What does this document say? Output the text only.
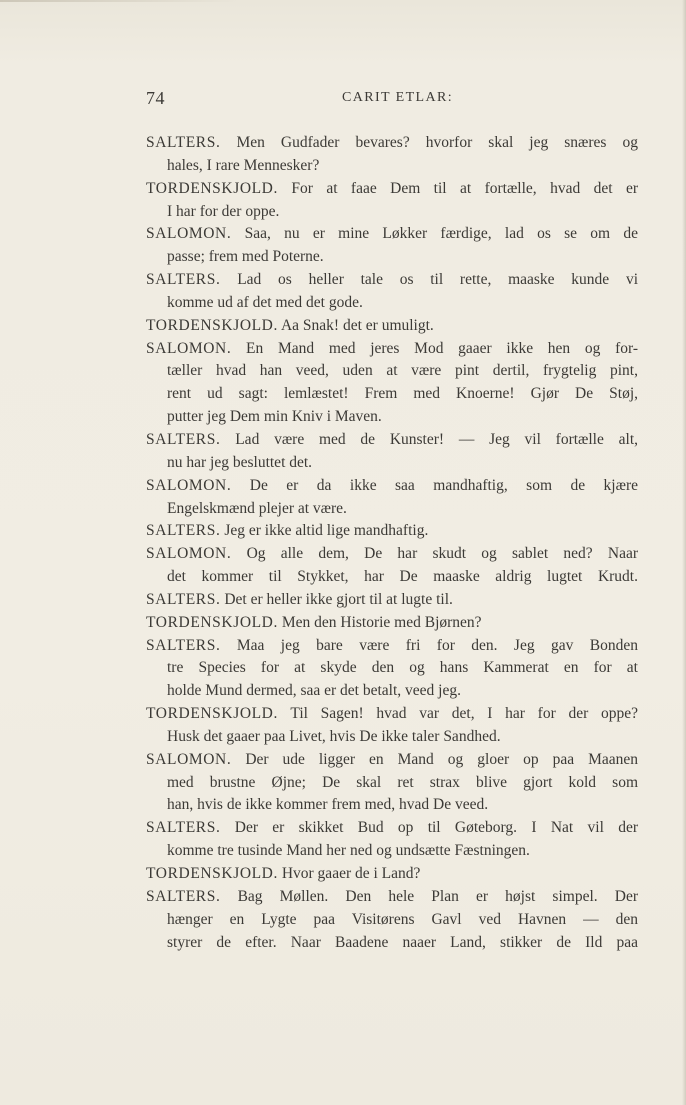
74	CARIT ETLAR:
SALTERS. Men Gudfader bevares? hvorfor skal jeg snæres og
hales, I rare Mennesker?
TORDENSKJOLD. For at faae Dem til at fortælle, hvad det er
I har for der oppe.
SALOMON. Saa, nu er mine Løkker færdige, lad os se om de
passe; frem med Poterne.
SALTERS. Lad os heller tale os til rette, maaske kunde vi
komme ud af det med det gode.
TORDENSKJOLD. Aa Snak! det er umuligt.
SALOMON. En Mand med jeres Mod gaaer ikke hen og for-
tæller hvad han veed, uden at være pint dertil, frygtelig pint,
rent ud sagt: lemlæstet! Frem med Knoerne! Gjør De Støj,
putter jeg Dem min Kniv i Maven.
SALTERS. Lad være med de Kunster! — Jeg vil fortælle alt,
nu har jeg besluttet det.
SALOMON. De er da ikke saa mandhaftig, som de kjære
Engelskmænd plejer at være.
SALTERS. Jeg er ikke altid lige mandhaftig.
SALOMON. Og alle dem, De har skudt og sablet ned? Naar
det kommer til Stykket, har De maaske aldrig lugtet Krudt.
SALTERS. Det er heller ikke gjort til at lugte til.
TORDENSKJOLD. Men den Historie med Bjørnen?
SALTERS. Maa jeg bare være fri for den. Jeg gav Bonden
tre Species for at skyde den og hans Kammerat en for at
holde Mund dermed, saa er det betalt, veed jeg.
TORDENSKJOLD. Til Sagen! hvad var det, I har for der oppe?
Husk det gaaer paa Livet, hvis De ikke taler Sandhed.
SALOMON. Der ude ligger en Mand og gloer op paa Maanen
med brustne Øjne; De skal ret strax blive gjort kold som
han, hvis de ikke kommer frem med, hvad De veed.
SALTERS. Der er skikket Bud op til Gøteborg. I Nat vil der
komme tre tusinde Mand her ned og undsætte Fæstningen.
TORDENSKJOLD. Hvor gaaer de i Land?
SALTERS. Bag Møllen. Den hele Plan er højst simpel. Der
hænger en Lygte paa Visitørens Gavl ved Havnen — den
styrer de efter. Naar Baadene naaer Land, stikker de Ild paa
